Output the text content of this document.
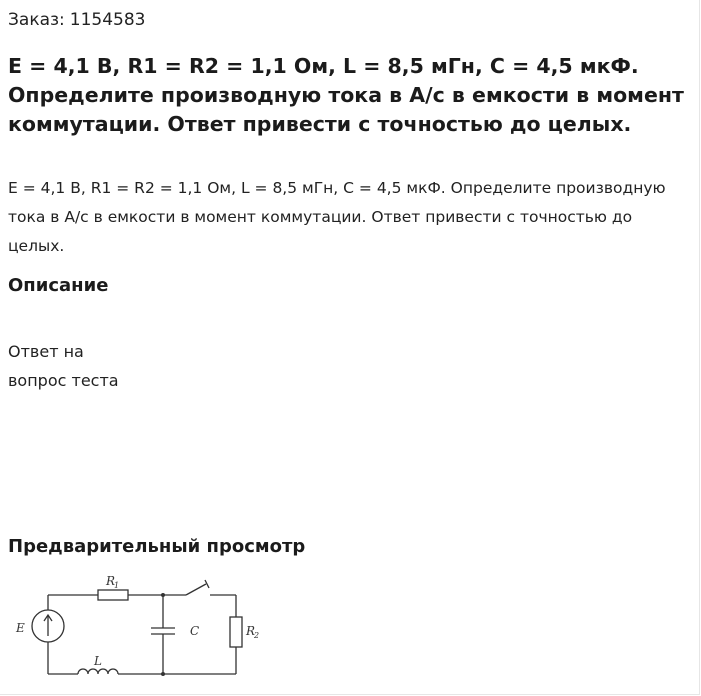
Заказ: 1154583
E = 4,1 В, R1 = R2 = 1,1 Ом, L = 8,5 мГн, С = 4,5 мкФ. Определите производную тока в А/с в емкости в момент коммутации. Ответ привести с точностью до целых.
E = 4,1 В, R1 = R2 = 1,1 Ом, L = 8,5 мГн, С = 4,5 мкФ. Определите производную тока в А/с в емкости в момент коммутации. Ответ привести с точностью до целых.
Описание
Ответ на
вопрос теста
Предварительный просмотр
E
R
1
L
C	R
2
